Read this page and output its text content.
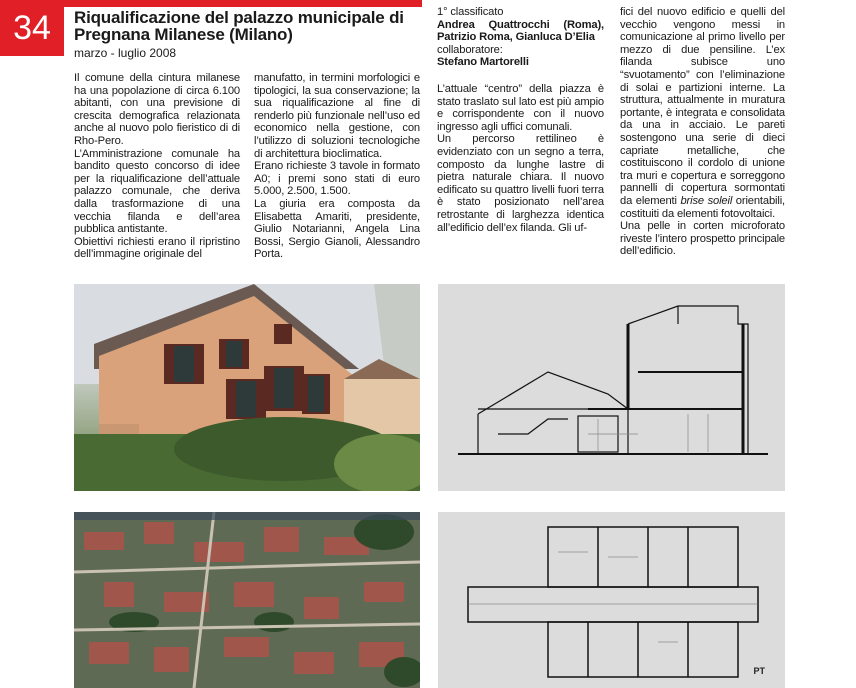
34	Riqualificazione del palazzo municipale di Pregnana Milanese (Milano)
marzo - luglio 2008

Il comune della cintura milanese ha una popolazione di circa 6.100 abitanti, con una previsione di crescita demografica relazionata anche al nuovo polo fieristico di di Rho-Pero.

L’Amministrazione comunale ha bandito questo concorso di idee per la riqualificazione dell’attuale palazzo comunale, che deriva dalla trasformazione di una vecchia filanda e dell’area pubblica antistante.

Obiettivi richiesti erano il ripristino dell’immagine originale del

manufatto, in termini morfologici e tipologici, la sua conservazione; la sua riqualificazione al fine di renderlo più funzionale nell’uso ed economico nella gestione, con l’utilizzo di soluzioni tecnologiche di architettura bioclimatica.

Erano richieste 3 tavole in formato A0; i premi sono stati di euro 5.000, 2.500, 1.500.

La giuria era composta da Elisabetta Amariti, presidente, Giulio Notarianni, Angela Lina Bossi, Sergio Gianoli, Alessandro Porta.

1° classificato

Andrea Quattrocchi (Roma), Patrizio Roma, Gianluca D’Elia

collaboratore:

Stefano Martorelli

L’attuale “centro” della piazza è stato traslato sul lato est più ampio e corrispondente con il nuovo ingresso agli uffici comunali.

Un percorso rettilineo è evidenziato con un segno a terra, composto da lunghe lastre di pietra naturale chiara. Il nuovo edificato su quattro livelli fuori terra è stato posizionato nell’area retrostante di larghezza identica all’edificio dell’ex filanda. Gli uf-

fici del nuovo edificio e quelli del vecchio vengono messi in comunicazione al primo livello per mezzo di due pensiline. L’ex filanda subisce uno “svuotamento” con l’eliminazione di solai e partizioni interne. La struttura, attualmente in muratura portante, è integrata e consolidata da una in acciaio. Le pareti sostengono una serie di dieci capriate metalliche, che costituiscono il cordolo di unione tra muri e copertura e sorreggono pannelli di copertura sormontati da elementi brise soleil orientabili, costituiti da elementi fotovoltaici.

Una pelle in corten microforato riveste l’intero prospetto principale dell’edificio.

PT
